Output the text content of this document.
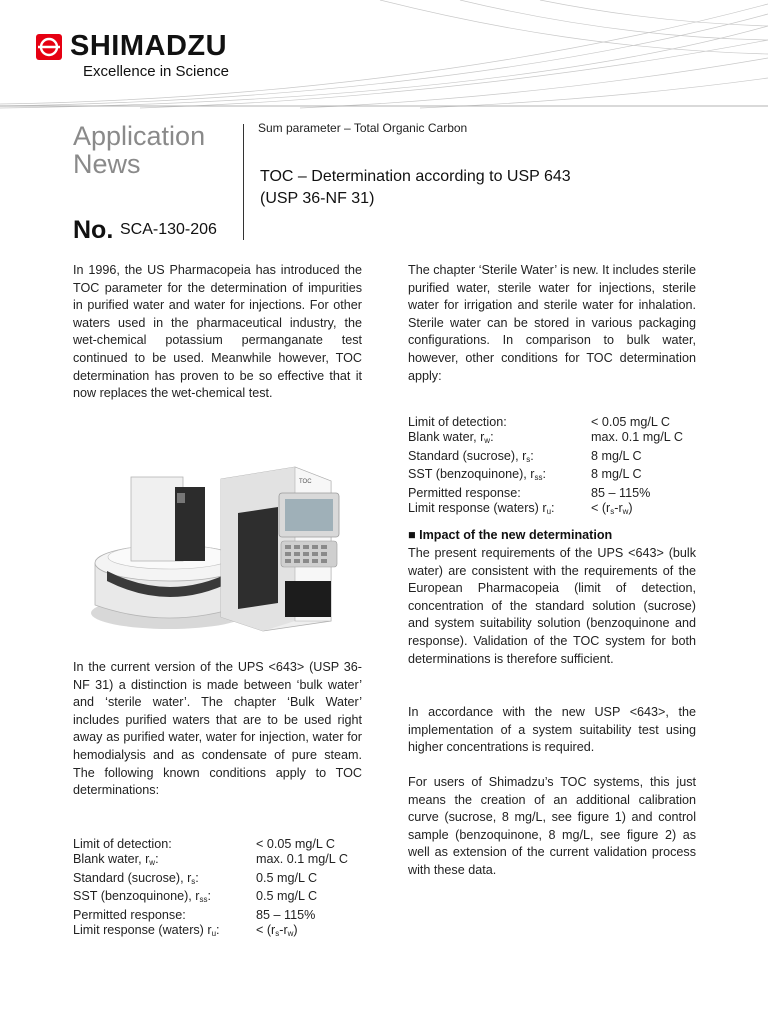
SHIMADZU
Excellence in Science
Application
News
No. SCA-130-206
Sum parameter – Total Organic Carbon
TOC – Determination according to USP 643
(USP 36-NF 31)
In 1996, the US Pharmacopeia has introduced the TOC parameter for the determination of impurities in purified water and water for injections. For other waters used in the pharmaceutical industry, the wet-chemical potassium permanganate test continued to be used. Meanwhile however, TOC determination has proven to be so effective that it now replaces the wet-chemical test.
TOC
In the current version of the UPS <643> (USP 36-NF 31) a distinction is made between ‘bulk water’ and ‘sterile water’. The chapter ‘Bulk Water’ includes purified waters that are to be used right away as purified water, water for injection, water for hemodialysis and as condensate of pure steam. The following known conditions apply to TOC determinations:
Limit of detection:	< 0.05 mg/L C
Blank water, $r_w$:	max. 0.1 mg/L C
Standard (sucrose), $r_s$:	0.5 mg/L C
SST (benzoquinone), $r_{ss}$:	0.5 mg/L C
Permitted response:	85 – 115%
Limit response (waters) $r_u$:	< $(r_s-r_w)$
The chapter ‘Sterile Water’ is new. It includes sterile purified water, sterile water for injections, sterile water for irrigation and sterile water for inhalation. Sterile water can be stored in various packaging configurations. In comparison to bulk water, however, other conditions for TOC determination apply:
Limit of detection:	< 0.05 mg/L C
Blank water, $r_w$:	max. 0.1 mg/L C
Standard (sucrose), $r_s$:	8 mg/L C
SST (benzoquinone), $r_{ss}$:	8 mg/L C
Permitted response:	85 – 115%
Limit response (waters) $r_u$:	< $(r_s-r_w)$
■ Impact of the new determination
The present requirements of the UPS <643> (bulk water) are consistent with the requirements of the European Pharmacopeia (limit of detection, concentration of the standard solution (sucrose) and system suitability solution (benzoquinone and response). Validation of the TOC system for both determinations is therefore sufficient.
In accordance with the new USP <643>, the implementation of a system suitability test using higher concentrations is required.
For users of Shimadzu’s TOC systems, this just means the creation of an additional calibration curve (sucrose, 8 mg/L, see figure 1) and control sample (benzoquinone, 8 mg/L, see figure 2) as well as extension of the current validation process with these data.
